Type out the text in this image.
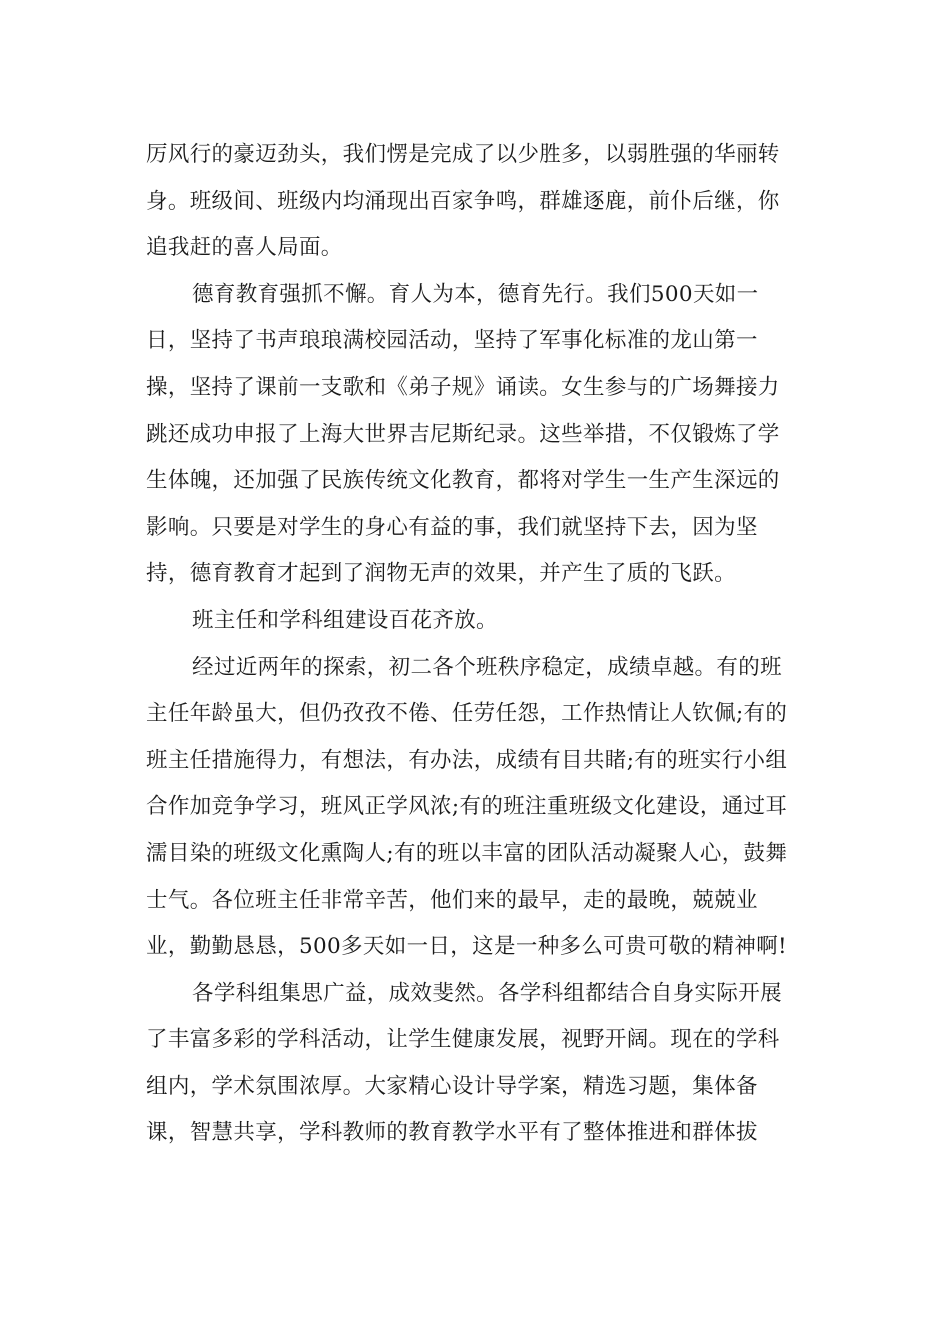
厉风行的豪迈劲头，我们愣是完成了以少胜多，以弱胜强的华丽转
身。班级间、班级内均涌现出百家争鸣，群雄逐鹿，前仆后继，你
追我赶的喜人局面。
德育教育强抓不懈。育人为本，德育先行。我们500天如一
日，坚持了书声琅琅满校园活动，坚持了军事化标准的龙山第一
操，坚持了课前一支歌和《弟子规》诵读。女生参与的广场舞接力
跳还成功申报了上海大世界吉尼斯纪录。这些举措，不仅锻炼了学
生体魄，还加强了民族传统文化教育，都将对学生一生产生深远的
影响。只要是对学生的身心有益的事，我们就坚持下去，因为坚
持，德育教育才起到了润物无声的效果，并产生了质的飞跃。
班主任和学科组建设百花齐放。
经过近两年的探索，初二各个班秩序稳定，成绩卓越。有的班
主任年龄虽大，但仍孜孜不倦、任劳任怨，工作热情让人钦佩;有的
班主任措施得力，有想法，有办法，成绩有目共睹;有的班实行小组
合作加竞争学习，班风正学风浓;有的班注重班级文化建设，通过耳
濡目染的班级文化熏陶人;有的班以丰富的团队活动凝聚人心，鼓舞
士气。各位班主任非常辛苦，他们来的最早，走的最晚，兢兢业
业，勤勤恳恳，500多天如一日，这是一种多么可贵可敬的精神啊!
各学科组集思广益，成效斐然。各学科组都结合自身实际开展
了丰富多彩的学科活动，让学生健康发展，视野开阔。现在的学科
组内，学术氛围浓厚。大家精心设计导学案，精选习题，集体备
课，智慧共享，学科教师的教育教学水平有了整体推进和群体拔
